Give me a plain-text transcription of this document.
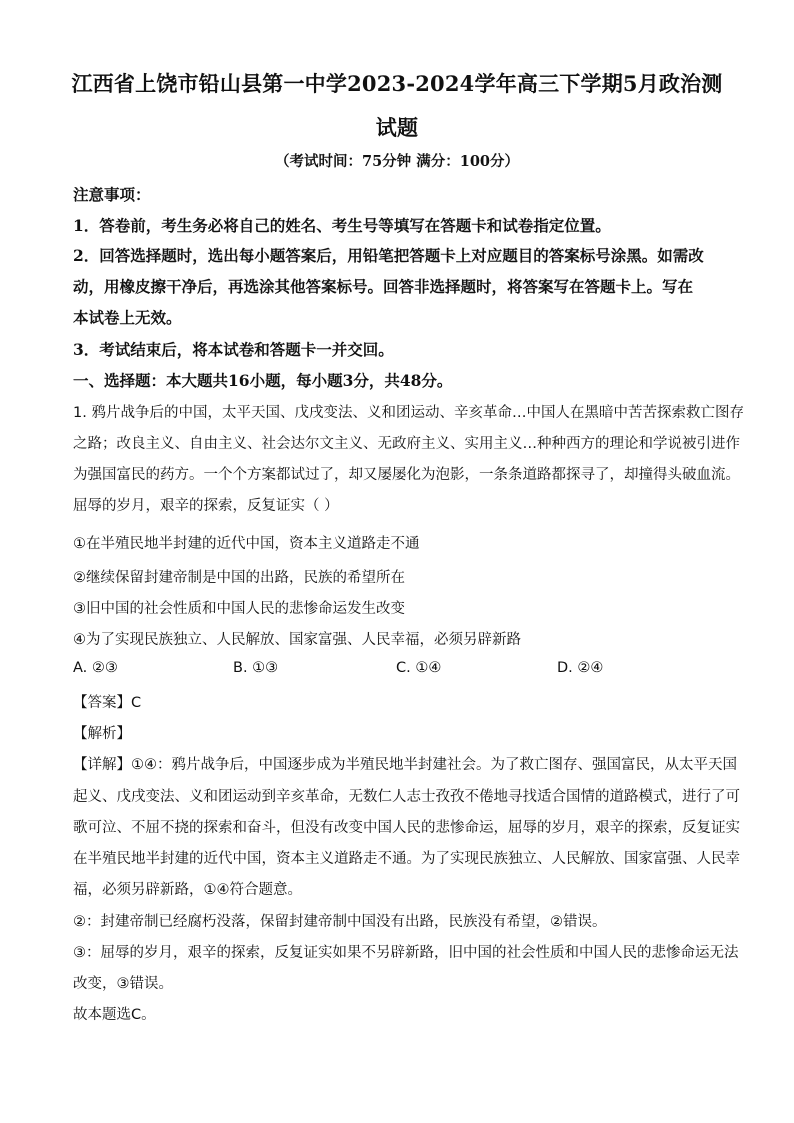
江西省上饶市铅山县第一中学2023-2024学年高三下学期5月政治测
试题
（考试时间：75分钟 满分：100分）
注意事项：
1．答卷前，考生务必将自己的姓名、考生号等填写在答题卡和试卷指定位置。
2．回答选择题时，选出每小题答案后，用铅笔把答题卡上对应题目的答案标号涂黑。如需改
动，用橡皮擦干净后，再选涂其他答案标号。回答非选择题时，将答案写在答题卡上。写在
本试卷上无效。
3．考试结束后，将本试卷和答题卡一并交回。
一、选择题：本大题共16小题，每小题3分，共48分。
1. 鸦片战争后的中国，太平天国、戊戌变法、义和团运动、辛亥革命…中国人在黑暗中苦苦探索救亡图存
之路；改良主义、自由主义、社会达尔文主义、无政府主义、实用主义…种种西方的理论和学说被引进作
为强国富民的药方。一个个方案都试过了，却又屡屡化为泡影，一条条道路都探寻了，却撞得头破血流。
屈辱的岁月，艰辛的探索，反复证实（ ）
①在半殖民地半封建的近代中国，资本主义道路走不通
②继续保留封建帝制是中国的出路，民族的希望所在
③旧中国的社会性质和中国人民的悲惨命运发生改变
④为了实现民族独立、人民解放、国家富强、人民幸福，必须另辟新路
A. ②③	B. ①③	C. ①④	D. ②④
【答案】C
【解析】
【详解】①④：鸦片战争后，中国逐步成为半殖民地半封建社会。为了救亡图存、强国富民，从太平天国
起义、戊戌变法、义和团运动到辛亥革命，无数仁人志士孜孜不倦地寻找适合国情的道路模式，进行了可
歌可泣、不屈不挠的探索和奋斗，但没有改变中国人民的悲惨命运，屈辱的岁月，艰辛的探索，反复证实
在半殖民地半封建的近代中国，资本主义道路走不通。为了实现民族独立、人民解放、国家富强、人民幸
福，必须另辟新路，①④符合题意。
②：封建帝制已经腐朽没落，保留封建帝制中国没有出路，民族没有希望，②错误。
③：屈辱的岁月，艰辛的探索，反复证实如果不另辟新路，旧中国的社会性质和中国人民的悲惨命运无法
改变，③错误。
故本题选C。
